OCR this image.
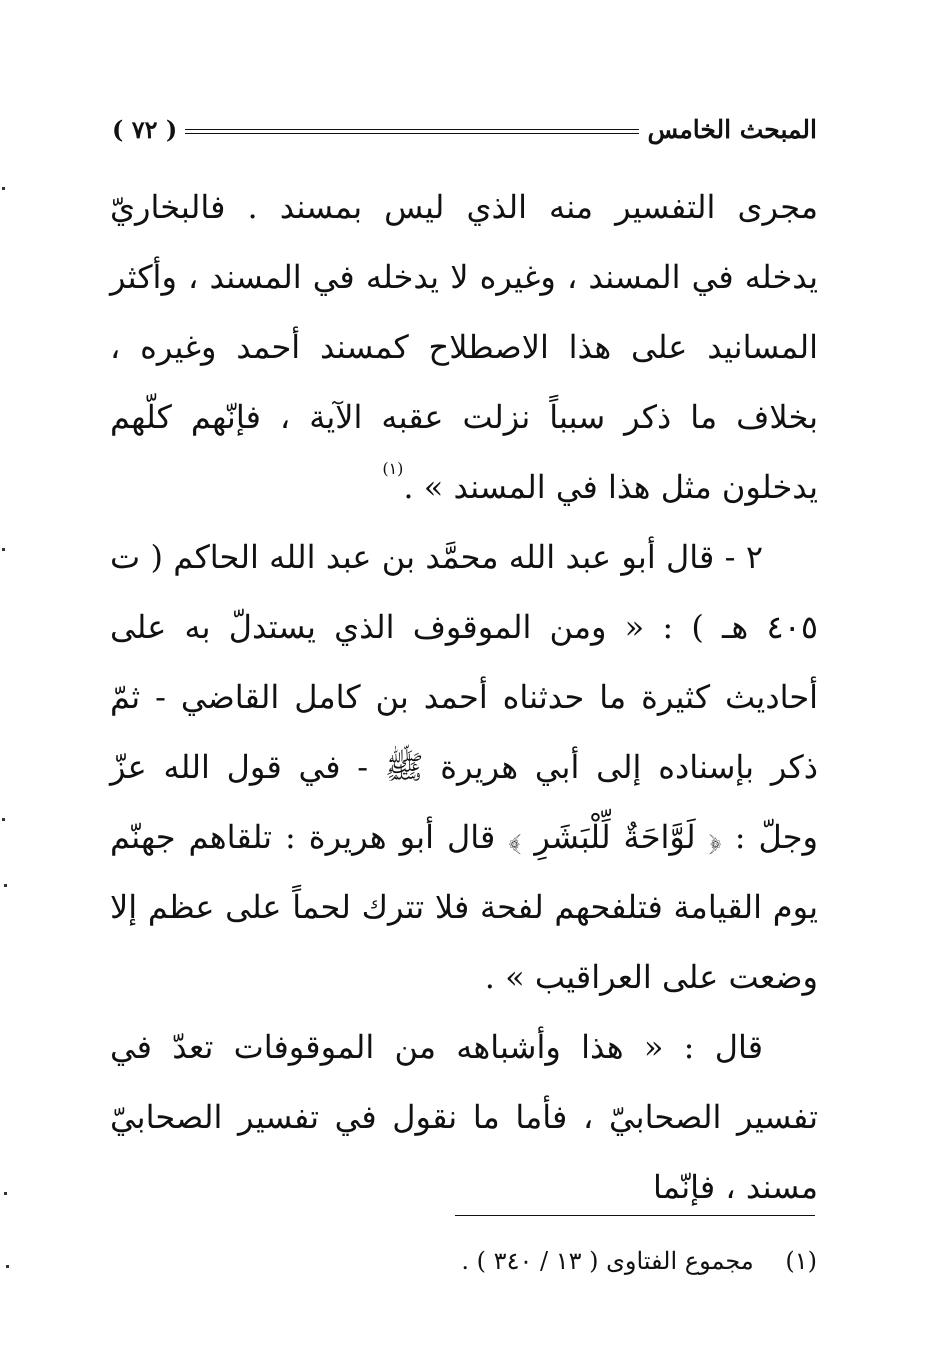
المبحث الخامس
( ٧٢ )

مجرى التفسير منه الذي ليس بمسند . فالبخاريّ يدخله في المسند ، وغيره لا يدخله في المسند ، وأكثر المسانيد على هذا الاصطلاح كمسند أحمد وغيره ، بخلاف ما ذكر سبباً نزلت عقبه الآية ، فإنّهم كلّهم يدخلون مثل هذا في المسند » .$^{(١)}$

٢ - قال أبو عبد الله محمَّد بن عبد الله الحاكم ( ت ٤٠٥ هـ ) : « ومن الموقوف الذي يستدلّ به على أحاديث كثيرة ما حدثناه أحمد بن كامل القاضي - ثمّ ذكر بإسناده إلى أبي هريرة ﷺ - في قول الله عزّ وجلّ : ﴿ لَوَّاحَةٌ لِّلْبَشَرِ ﴾ قال أبو هريرة : تلقاهم جهنّم يوم القيامة فتلفحهم لفحة فلا تترك لحماً على عظم إلا وضعت على العراقيب » .

قال : « هذا وأشباهه من الموقوفات تعدّ في تفسير الصحابيّ ، فأما ما نقول في تفسير الصحابيّ مسند ، فإنّما

(١) مجموع الفتاوى ( ١٣ / ٣٤٠ ) .
